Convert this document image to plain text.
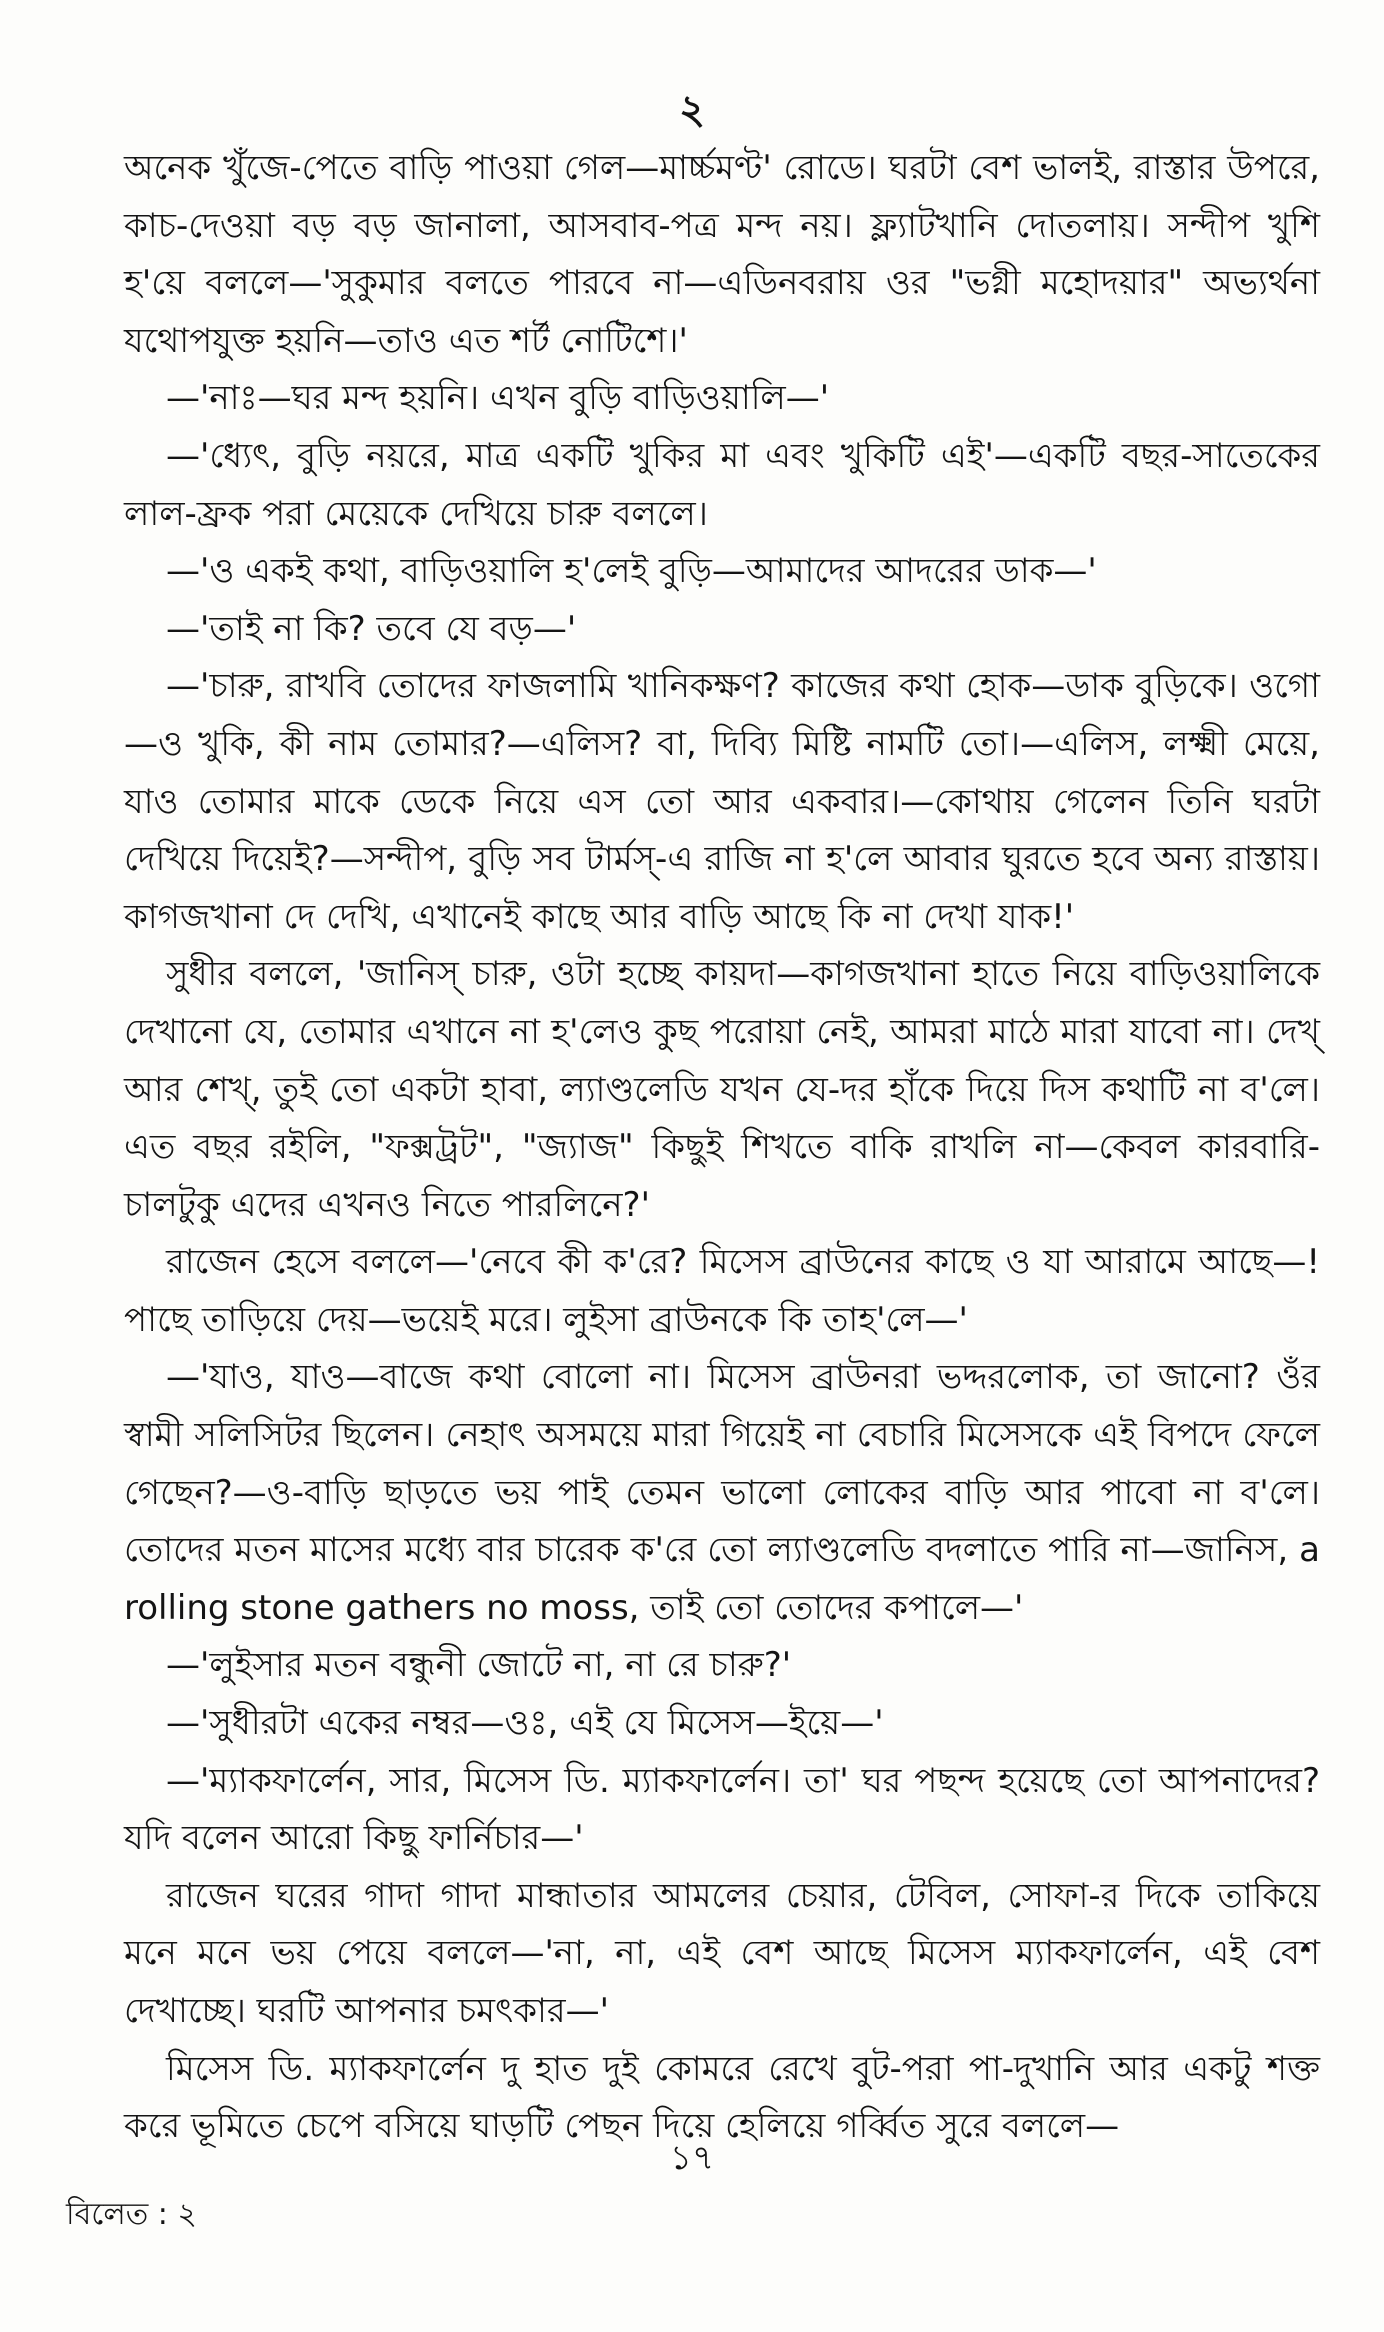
২

অনেক খুঁজে-পেতে বাড়ি পাওয়া গেল—মার্চ্চমণ্ট' রোডে। ঘরটা বেশ ভালই, রাস্তার উপরে, কাচ-দেওয়া বড় বড় জানালা, আসবাব-পত্র মন্দ নয়। ফ্ল্যাটখানি দোতলায়। সন্দীপ খুশি হ'য়ে বললে—'সুকুমার বলতে পারবে না—এডিনবরায় ওর "ভগ্নী মহোদয়ার" অভ্যর্থনা যথোপযুক্ত হয়নি—তাও এত শর্ট নোটিশে।'

—'নাঃ—ঘর মন্দ হয়নি। এখন বুড়ি বাড়িওয়ালি—'

—'ধ্যেৎ, বুড়ি নয়রে, মাত্র একটি খুকির মা এবং খুকিটি এই'—একটি বছর-সাতেকের লাল-ফ্রক পরা মেয়েকে দেখিয়ে চারু বললে।

—'ও একই কথা, বাড়িওয়ালি হ'লেই বুড়ি—আমাদের আদরের ডাক—'

—'তাই না কি? তবে যে বড়—'

—'চারু, রাখবি তোদের ফাজলামি খানিকক্ষণ? কাজের কথা হোক—ডাক বুড়িকে। ওগো—ও খুকি, কী নাম তোমার?—এলিস? বা, দিব্যি মিষ্টি নামটি তো।—এলিস, লক্ষ্মী মেয়ে, যাও তোমার মাকে ডেকে নিয়ে এস তো আর একবার।—কোথায় গেলেন তিনি ঘরটা দেখিয়ে দিয়েই?—সন্দীপ, বুড়ি সব টার্মস্-এ রাজি না হ'লে আবার ঘুরতে হবে অন্য রাস্তায়। কাগজখানা দে দেখি, এখানেই কাছে আর বাড়ি আছে কি না দেখা যাক!'

সুধীর বললে, 'জানিস্ চারু, ওটা হচ্ছে কায়দা—কাগজখানা হাতে নিয়ে বাড়িওয়ালিকে দেখানো যে, তোমার এখানে না হ'লেও কুছ পরোয়া নেই, আমরা মাঠে মারা যাবো না। দেখ্ আর শেখ্, তুই তো একটা হাবা, ল্যাণ্ডলেডি যখন যে-দর হাঁকে দিয়ে দিস কথাটি না ব'লে। এত বছর রইলি, "ফক্সট্রট", "জ্যাজ" কিছুই শিখতে বাকি রাখলি না—কেবল কারবারি-চালটুকু এদের এখনও নিতে পারলিনে?'

রাজেন হেসে বললে—'নেবে কী ক'রে? মিসেস ব্রাউনের কাছে ও যা আরামে আছে—! পাছে তাড়িয়ে দেয়—ভয়েই মরে। লুইসা ব্রাউনকে কি তাহ'লে—'

—'যাও, যাও—বাজে কথা বোলো না। মিসেস ব্রাউনরা ভদ্দরলোক, তা জানো? ওঁর স্বামী সলিসিটর ছিলেন। নেহাৎ অসময়ে মারা গিয়েই না বেচারি মিসেসকে এই বিপদে ফেলে গেছেন?—ও-বাড়ি ছাড়তে ভয় পাই তেমন ভালো লোকের বাড়ি আর পাবো না ব'লে। তোদের মতন মাসের মধ্যে বার চারেক ক'রে তো ল্যাণ্ডলেডি বদলাতে পারি না—জানিস, a rolling stone gathers no moss, তাই তো তোদের কপালে—'

—'লুইসার মতন বন্ধুনী জোটে না, না রে চারু?'

—'সুধীরটা একের নম্বর—ওঃ, এই যে মিসেস—ইয়ে—'

—'ম্যাকফার্লেন, সার, মিসেস ডি. ম্যাকফার্লেন। তা' ঘর পছন্দ হয়েছে তো আপনাদের? যদি বলেন আরো কিছু ফার্নিচার—'

রাজেন ঘরের গাদা গাদা মান্ধাতার আমলের চেয়ার, টেবিল, সোফা-র দিকে তাকিয়ে মনে মনে ভয় পেয়ে বললে—'না, না, এই বেশ আছে মিসেস ম্যাকফার্লেন, এই বেশ দেখাচ্ছে। ঘরটি আপনার চমৎকার—'

মিসেস ডি. ম্যাকফার্লেন দু হাত দুই কোমরে রেখে বুট-পরা পা-দুখানি আর একটু শক্ত করে ভূমিতে চেপে বসিয়ে ঘাড়টি পেছন দিয়ে হেলিয়ে গর্ব্বিত সুরে বললে—

১৭
বিলেত : ২
